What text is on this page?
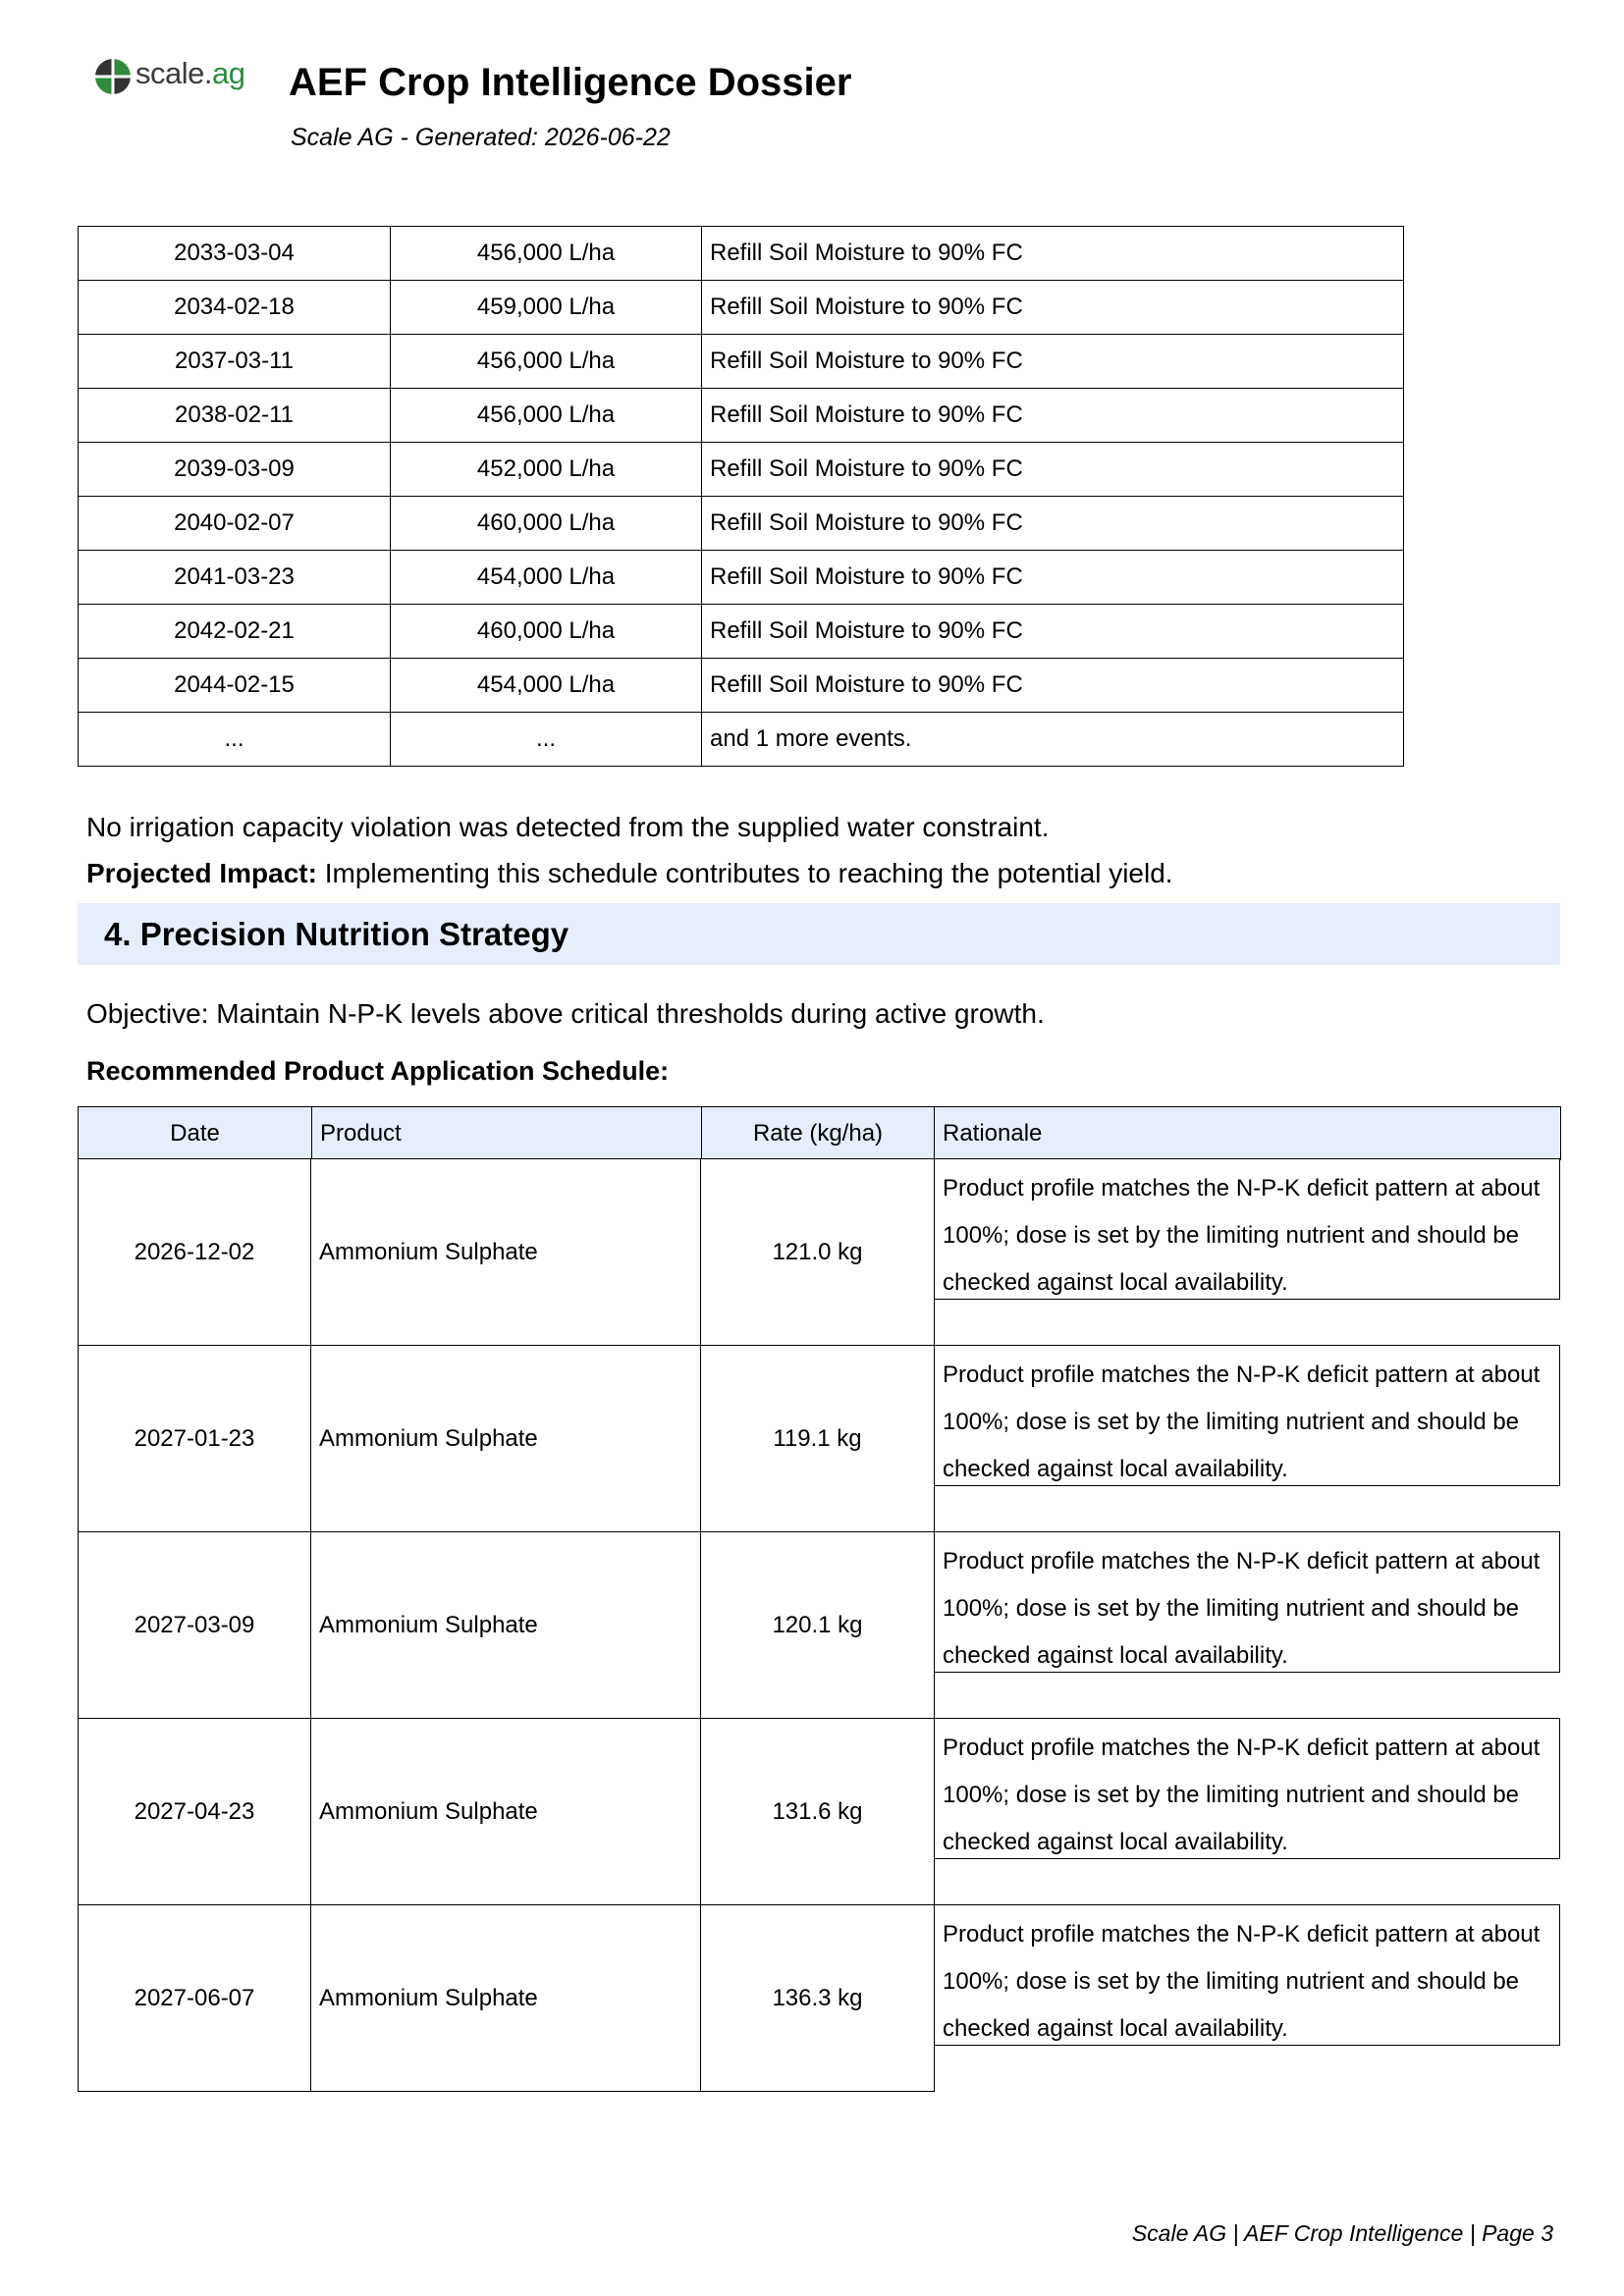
scale.ag AEF Crop Intelligence Dossier
Scale AG - Generated: 2026-06-22
2033-03-04	456,000 L/ha	Refill Soil Moisture to 90% FC
2034-02-18	459,000 L/ha	Refill Soil Moisture to 90% FC
2037-03-11	456,000 L/ha	Refill Soil Moisture to 90% FC
2038-02-11	456,000 L/ha	Refill Soil Moisture to 90% FC
2039-03-09	452,000 L/ha	Refill Soil Moisture to 90% FC
2040-02-07	460,000 L/ha	Refill Soil Moisture to 90% FC
2041-03-23	454,000 L/ha	Refill Soil Moisture to 90% FC
2042-02-21	460,000 L/ha	Refill Soil Moisture to 90% FC
2044-02-15	454,000 L/ha	Refill Soil Moisture to 90% FC
...	...	and 1 more events.

No irrigation capacity violation was detected from the supplied water constraint.

Projected Impact: Implementing this schedule contributes to reaching the potential yield.

4. Precision Nutrition Strategy

Objective: Maintain N-P-K levels above critical thresholds during active growth.

Recommended Product Application Schedule:

Date	Product	Rate (kg/ha)	Rationale
2026-12-02	Ammonium Sulphate	121.0 kg
Product profile matches the N-P-K deficit pattern at about 100%; dose is set by the limiting nutrient and should be checked against local availability.
2027-01-23	Ammonium Sulphate	119.1 kg
Product profile matches the N-P-K deficit pattern at about 100%; dose is set by the limiting nutrient and should be checked against local availability.
2027-03-09	Ammonium Sulphate	120.1 kg
Product profile matches the N-P-K deficit pattern at about 100%; dose is set by the limiting nutrient and should be checked against local availability.
2027-04-23	Ammonium Sulphate	131.6 kg
Product profile matches the N-P-K deficit pattern at about 100%; dose is set by the limiting nutrient and should be checked against local availability.
2027-06-07	Ammonium Sulphate	136.3 kg
Product profile matches the N-P-K deficit pattern at about 100%; dose is set by the limiting nutrient and should be checked against local availability.
Scale AG | AEF Crop Intelligence | Page 3
